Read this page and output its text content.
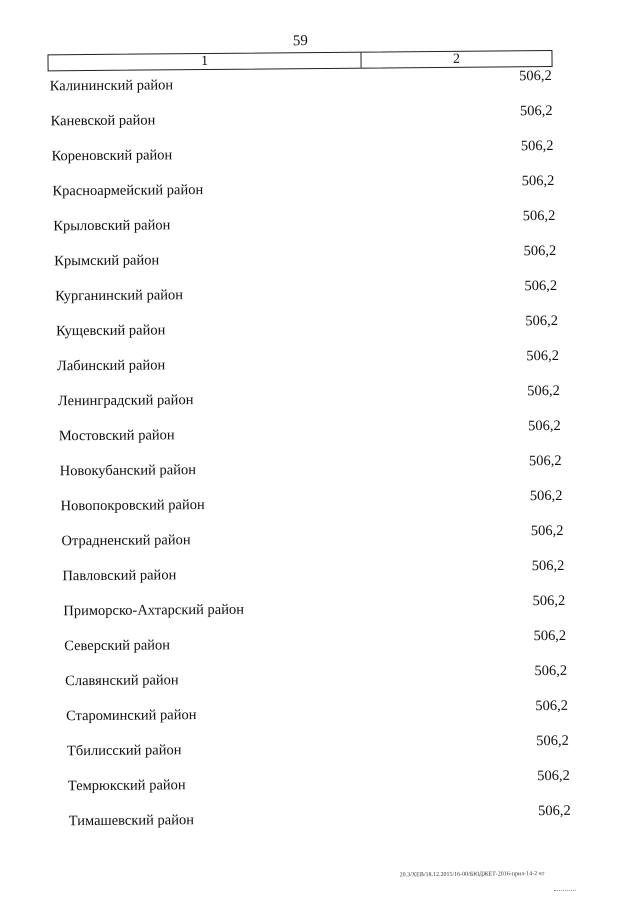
59
1	2
Калининский район
506,2
Каневской район
506,2
Кореновский район
506,2
Красноармейский район
506,2
Крыловский район
506,2
Крымский район
506,2
Курганинский район
506,2
Кущевский район
506,2
Лабинский район
506,2
Ленинградский район
506,2
Мостовский район
506,2
Новокубанский район
506,2
Новопокровский район
506,2
Отрадненский район
506,2
Павловский район
506,2
Приморско-Ахтарский район
506,2
Северский район
506,2
Славянский район
506,2
Староминский район
506,2
Тбилисский район
506,2
Темрюкский район
506,2
Тимашевский район
506,2
20.3/ХЕВ/18.12.2015/16-00/БЮДЖЕТ-2016-прил-14-2 чт
